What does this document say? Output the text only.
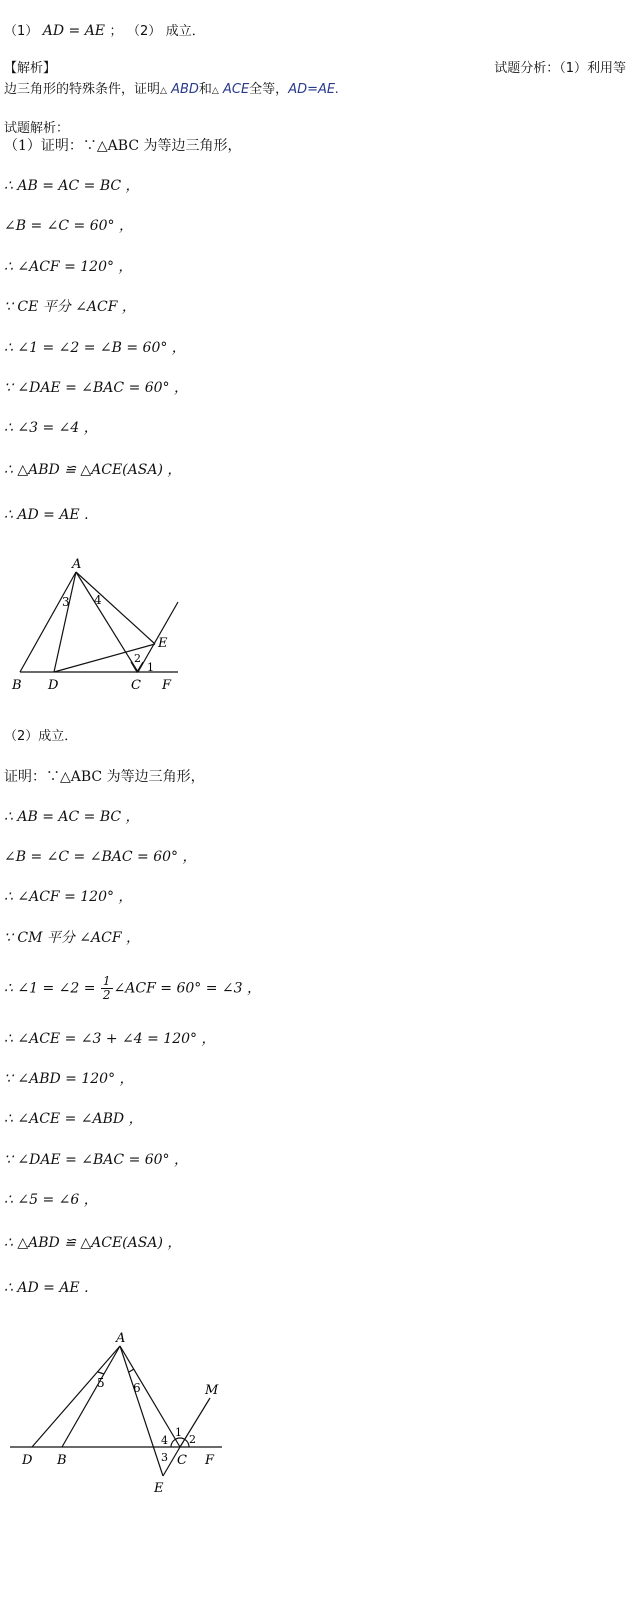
（1） AD = AE ； （2） 成立．
【解析】	试题分析：（1）利用等
边三角形的特殊条件，证明△ ABD和△ ACE全等，AD=AE.
试题解析：
（1）证明：∵△ABC 为等边三角形，
∴ AB = AC = BC ，
∠B = ∠C = 60° ，
∴ ∠ACF = 120° ，
∵ CE 平分 ∠ACF ，
∴ ∠1 = ∠2 = ∠B = 60° ，
∵ ∠DAE = ∠BAC = 60° ，
∴ ∠3 = ∠4 ，
∴ △ABD ≌ △ACE(ASA) ，
∴ AD = AE .
A
B D	C F
E
3 4
2
1
（2）成立．
证明：∵△ABC 为等边三角形，
∴ AB = AC = BC ，
∠B = ∠C = ∠BAC = 60° ，
∴ ∠ACF = 120° ，
∵ CM 平分 ∠ACF ，
∴ ∠1 = ∠2 = $\frac{1}{2}$ ∠ACF = 60° = ∠3 ，
∴ ∠ACE = ∠3 + ∠4 = 120° ，
∵ ∠ABD = 120° ，
∴ ∠ACE = ∠ABD ，
∵ ∠DAE = ∠BAC = 60° ，
∴ ∠5 = ∠6 ，
∴ △ABD ≌ △ACE(ASA) ，
∴ AD = AE .
A
M
D B	C F
E
5 6
1
2
4
3
